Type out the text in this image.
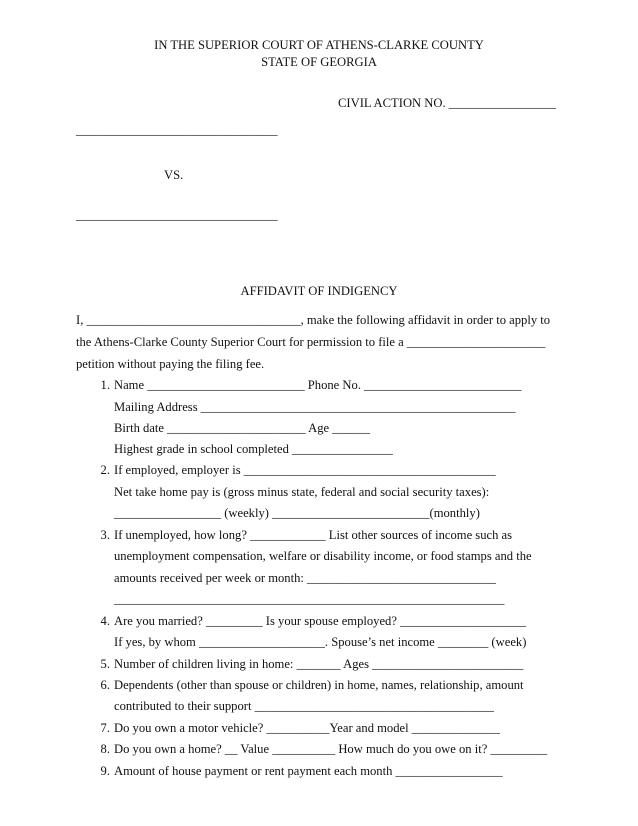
IN THE SUPERIOR COURT OF ATHENS-CLARKE COUNTY
STATE OF GEORGIA
CIVIL ACTION NO. _________________
________________________________
VS.
________________________________
AFFIDAVIT OF INDIGENCY
I, __________________________________, make the following affidavit in order to apply to
the Athens-Clarke County Superior Court for permission to file a ______________________
petition without paying the filing fee.
1. Name _________________________ Phone No. _________________________
Mailing Address __________________________________________________
Birth date ______________________ Age ______
Highest grade in school completed ________________
2. If employed, employer is ________________________________________
Net take home pay is (gross minus state, federal and social security taxes):
_________________ (weekly) _________________________(monthly)
3. If unemployed, how long? ____________ List other sources of income such as
unemployment compensation, welfare or disability income, or food stamps and the
amounts received per week or month: ______________________________
______________________________________________________________
4. Are you married? _________ Is your spouse employed? ____________________
If yes, by whom ____________________. Spouse’s net income ________ (week)
5. Number of children living in home: _______ Ages ________________________
6. Dependents (other than spouse or children) in home, names, relationship, amount
contributed to their support ______________________________________
7. Do you own a motor vehicle? __________Year and model ______________
8. Do you own a home? __ Value __________ How much do you owe on it? _________
9. Amount of house payment or rent payment each month _________________
